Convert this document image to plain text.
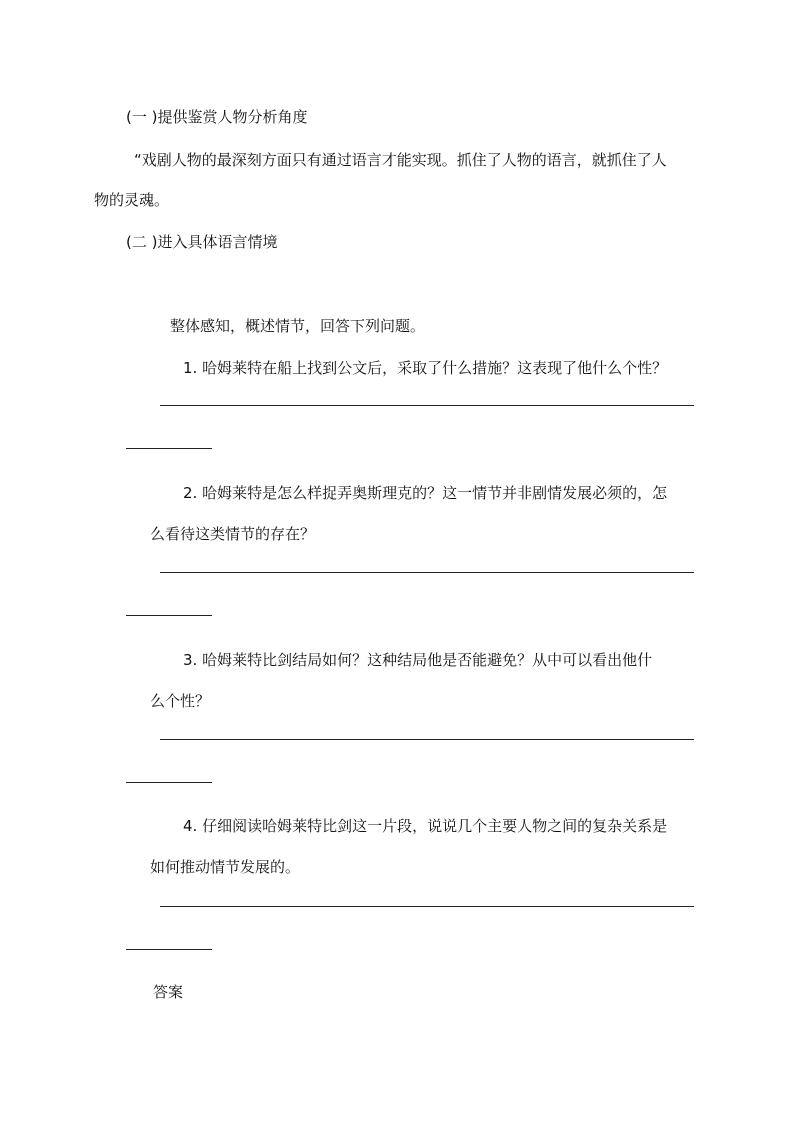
(一 )提供鉴赏人物分析角度
“戏剧人物的最深刻方面只有通过语言才能实现。抓住了人物的语言，就抓住了人
物的灵魂。
(二 )进入具体语言情境
整体感知，概述情节，回答下列问题。
1. 哈姆莱特在船上找到公文后，采取了什么措施？这表现了他什么个性？
2. 哈姆莱特是怎么样捉弄奥斯理克的？这一情节并非剧情发展必须的，怎
么看待这类情节的存在？
3. 哈姆莱特比剑结局如何？这种结局他是否能避免？从中可以看出他什
么个性？
4. 仔细阅读哈姆莱特比剑这一片段，说说几个主要人物之间的复杂关系是
如何推动情节发展的。
答案
